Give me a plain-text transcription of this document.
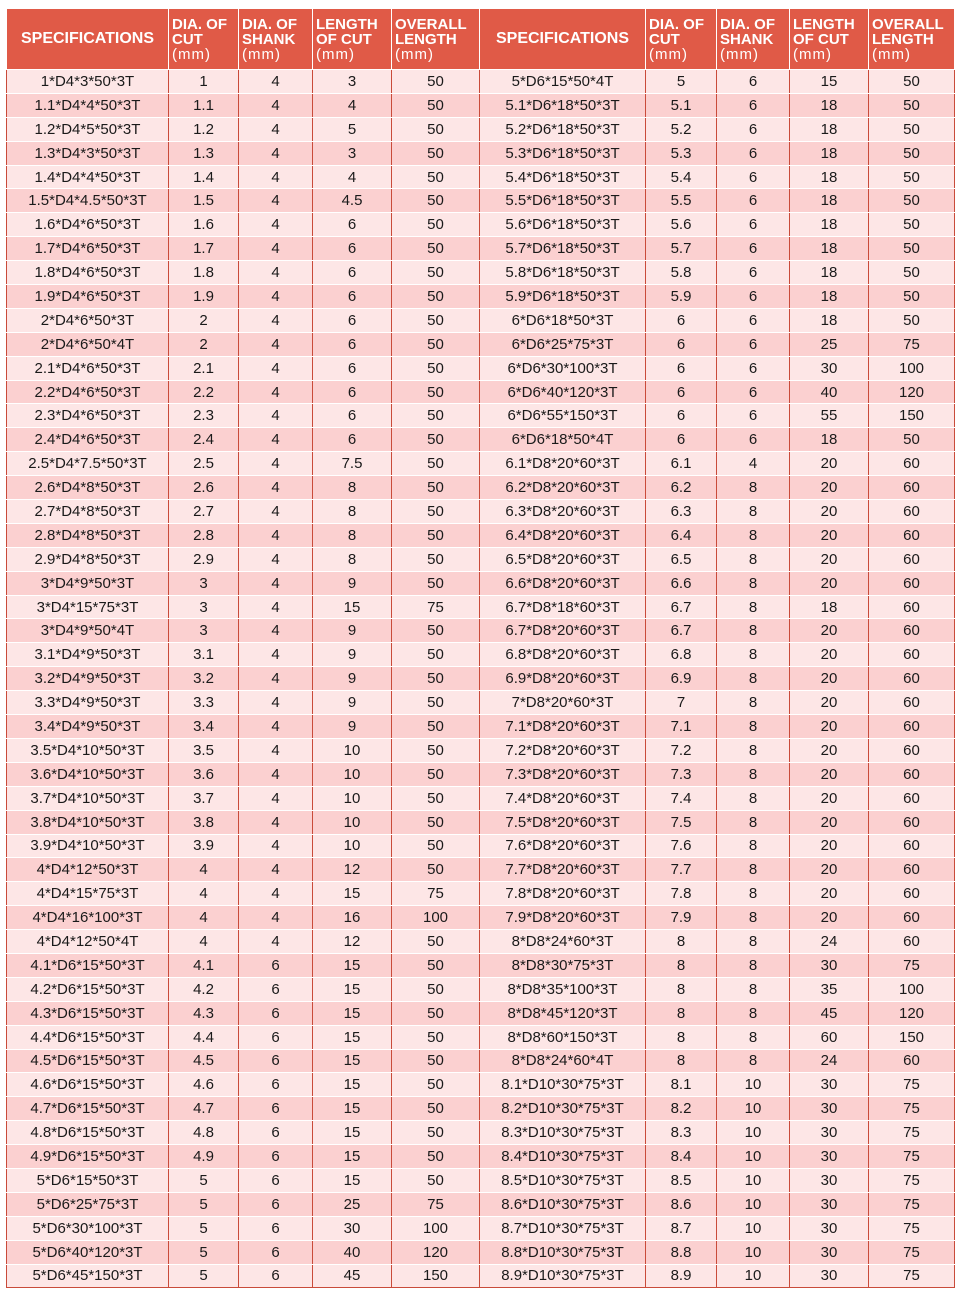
SPECIFICATIONS	DIA. OF
CUT
(mm)	DIA. OF
SHANK
(mm)	LENGTH
OF CUT
(mm)	OVERALL
LENGTH
(mm)	SPECIFICATIONS	DIA. OF
CUT
(mm)	DIA. OF
SHANK
(mm)	LENGTH
OF CUT
(mm)	OVERALL
LENGTH
(mm)

1*D4*3*50*3T	1	4	3	50	5*D6*15*50*4T	5	6	15	50
1.1*D4*4*50*3T	1.1	4	4	50	5.1*D6*18*50*3T	5.1	6	18	50
1.2*D4*5*50*3T	1.2	4	5	50	5.2*D6*18*50*3T	5.2	6	18	50
1.3*D4*3*50*3T	1.3	4	3	50	5.3*D6*18*50*3T	5.3	6	18	50
1.4*D4*4*50*3T	1.4	4	4	50	5.4*D6*18*50*3T	5.4	6	18	50
1.5*D4*4.5*50*3T	1.5	4	4.5	50	5.5*D6*18*50*3T	5.5	6	18	50
1.6*D4*6*50*3T	1.6	4	6	50	5.6*D6*18*50*3T	5.6	6	18	50
1.7*D4*6*50*3T	1.7	4	6	50	5.7*D6*18*50*3T	5.7	6	18	50
1.8*D4*6*50*3T	1.8	4	6	50	5.8*D6*18*50*3T	5.8	6	18	50
1.9*D4*6*50*3T	1.9	4	6	50	5.9*D6*18*50*3T	5.9	6	18	50
2*D4*6*50*3T	2	4	6	50	6*D6*18*50*3T	6	6	18	50
2*D4*6*50*4T	2	4	6	50	6*D6*25*75*3T	6	6	25	75
2.1*D4*6*50*3T	2.1	4	6	50	6*D6*30*100*3T	6	6	30	100
2.2*D4*6*50*3T	2.2	4	6	50	6*D6*40*120*3T	6	6	40	120
2.3*D4*6*50*3T	2.3	4	6	50	6*D6*55*150*3T	6	6	55	150
2.4*D4*6*50*3T	2.4	4	6	50	6*D6*18*50*4T	6	6	18	50
2.5*D4*7.5*50*3T	2.5	4	7.5	50	6.1*D8*20*60*3T	6.1	4	20	60
2.6*D4*8*50*3T	2.6	4	8	50	6.2*D8*20*60*3T	6.2	8	20	60
2.7*D4*8*50*3T	2.7	4	8	50	6.3*D8*20*60*3T	6.3	8	20	60
2.8*D4*8*50*3T	2.8	4	8	50	6.4*D8*20*60*3T	6.4	8	20	60
2.9*D4*8*50*3T	2.9	4	8	50	6.5*D8*20*60*3T	6.5	8	20	60
3*D4*9*50*3T	3	4	9	50	6.6*D8*20*60*3T	6.6	8	20	60
3*D4*15*75*3T	3	4	15	75	6.7*D8*18*60*3T	6.7	8	18	60
3*D4*9*50*4T	3	4	9	50	6.7*D8*20*60*3T	6.7	8	20	60
3.1*D4*9*50*3T	3.1	4	9	50	6.8*D8*20*60*3T	6.8	8	20	60
3.2*D4*9*50*3T	3.2	4	9	50	6.9*D8*20*60*3T	6.9	8	20	60
3.3*D4*9*50*3T	3.3	4	9	50	7*D8*20*60*3T	7	8	20	60
3.4*D4*9*50*3T	3.4	4	9	50	7.1*D8*20*60*3T	7.1	8	20	60
3.5*D4*10*50*3T	3.5	4	10	50	7.2*D8*20*60*3T	7.2	8	20	60
3.6*D4*10*50*3T	3.6	4	10	50	7.3*D8*20*60*3T	7.3	8	20	60
3.7*D4*10*50*3T	3.7	4	10	50	7.4*D8*20*60*3T	7.4	8	20	60
3.8*D4*10*50*3T	3.8	4	10	50	7.5*D8*20*60*3T	7.5	8	20	60
3.9*D4*10*50*3T	3.9	4	10	50	7.6*D8*20*60*3T	7.6	8	20	60
4*D4*12*50*3T	4	4	12	50	7.7*D8*20*60*3T	7.7	8	20	60
4*D4*15*75*3T	4	4	15	75	7.8*D8*20*60*3T	7.8	8	20	60
4*D4*16*100*3T	4	4	16	100	7.9*D8*20*60*3T	7.9	8	20	60
4*D4*12*50*4T	4	4	12	50	8*D8*24*60*3T	8	8	24	60
4.1*D6*15*50*3T	4.1	6	15	50	8*D8*30*75*3T	8	8	30	75
4.2*D6*15*50*3T	4.2	6	15	50	8*D8*35*100*3T	8	8	35	100
4.3*D6*15*50*3T	4.3	6	15	50	8*D8*45*120*3T	8	8	45	120
4.4*D6*15*50*3T	4.4	6	15	50	8*D8*60*150*3T	8	8	60	150
4.5*D6*15*50*3T	4.5	6	15	50	8*D8*24*60*4T	8	8	24	60
4.6*D6*15*50*3T	4.6	6	15	50	8.1*D10*30*75*3T	8.1	10	30	75
4.7*D6*15*50*3T	4.7	6	15	50	8.2*D10*30*75*3T	8.2	10	30	75
4.8*D6*15*50*3T	4.8	6	15	50	8.3*D10*30*75*3T	8.3	10	30	75
4.9*D6*15*50*3T	4.9	6	15	50	8.4*D10*30*75*3T	8.4	10	30	75
5*D6*15*50*3T	5	6	15	50	8.5*D10*30*75*3T	8.5	10	30	75
5*D6*25*75*3T	5	6	25	75	8.6*D10*30*75*3T	8.6	10	30	75
5*D6*30*100*3T	5	6	30	100	8.7*D10*30*75*3T	8.7	10	30	75
5*D6*40*120*3T	5	6	40	120	8.8*D10*30*75*3T	8.8	10	30	75
5*D6*45*150*3T	5	6	45	150	8.9*D10*30*75*3T	8.9	10	30	75
